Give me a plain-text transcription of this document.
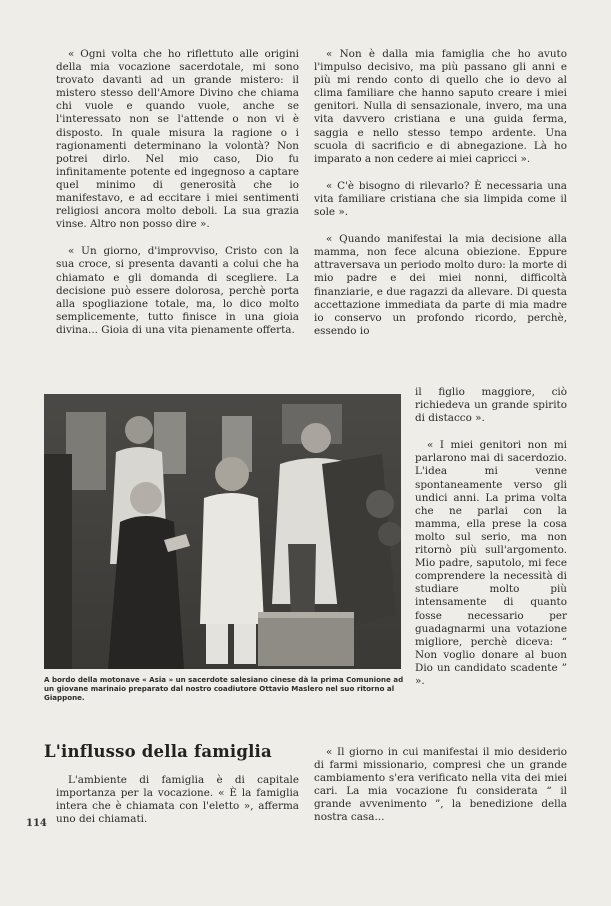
« Ogni volta che ho riflettuto alle origini della mia vocazione sacerdotale, mi sono trovato davanti ad un grande mistero: il mistero stesso dell'Amore Divino che chiama chi vuole e quando vuole, anche se l'interessato non se l'attende o non vi è disposto. In quale misura la ragione o i ragionamenti determinano la volontà? Non potrei dirlo. Nel mio caso, Dio fu infinitamente potente ed ingegnoso a captare quel minimo di generosità che io manifestavo, e ad eccitare i miei sentimenti religiosi ancora molto deboli. La sua grazia vinse. Altro non posso dire ».

« Un giorno, d'improvviso, Cristo con la sua croce, si presenta davanti a colui che ha chiamato e gli domanda di scegliere. La decisione può essere dolorosa, perchè porta alla spogliazione totale, ma, lo dico molto semplicemente, tutto finisce in una gioia divina... Gioia di una vita pienamente offerta.

« Non è dalla mia famiglia che ho avuto l'impulso decisivo, ma più passano gli anni e più mi rendo conto di quello che io devo al clima familiare che hanno saputo creare i miei genitori. Nulla di sensazionale, invero, ma una vita davvero cristiana e una guida ferma, saggia e nello stesso tempo ardente. Una scuola di sacrificio e di abnegazione. Là ho imparato a non cedere ai miei capricci ».

« C'è bisogno di rilevarlo? È necessaria una vita familiare cristiana che sia limpida come il sole ».

« Quando manifestai la mia decisione alla mamma, non fece alcuna obiezione. Eppure attraversava un periodo molto duro: la morte di mio padre e dei miei nonni, difficoltà finanziarie, e due ragazzi da allevare. Di questa accettazione immediata da parte di mia madre io conservo un profondo ricordo, perchè, essendo io

il figlio maggiore, ciò richiedeva un grande spirito di distacco ».

« I miei genitori non mi parlarono mai di sacerdozio. L'idea mi venne spontaneamente verso gli undici anni. La prima volta che ne parlai con la mamma, ella prese la cosa molto sul serio, ma non ritornò più sull'argomento. Mio padre, saputolo, mi fece comprendere la necessità di studiare molto più intensamente di quanto fosse necessario per guadagnarmi una votazione migliore, perchè diceva: “ Non voglio donare al buon Dio un candidato scadente ” ».

A bordo della motonave « Asia » un sacerdote salesiano cinese dà la prima Comunione ad un giovane marinaio preparato dal nostro coadiutore Ottavio Maslero nel suo ritorno al Giappone.
L'influsso della famiglia

L'ambiente di famiglia è di capitale importanza per la vocazione. « È la famiglia intera che è chiamata con l'eletto », afferma uno dei chiamati.

« Il giorno in cui manifestai il mio desiderio di farmi missionario, compresi che un grande cambiamento s'era verificato nella vita dei miei cari. La mia vocazione fu considerata “ il grande avvenimento ”, la benedizione della nostra casa...

114
